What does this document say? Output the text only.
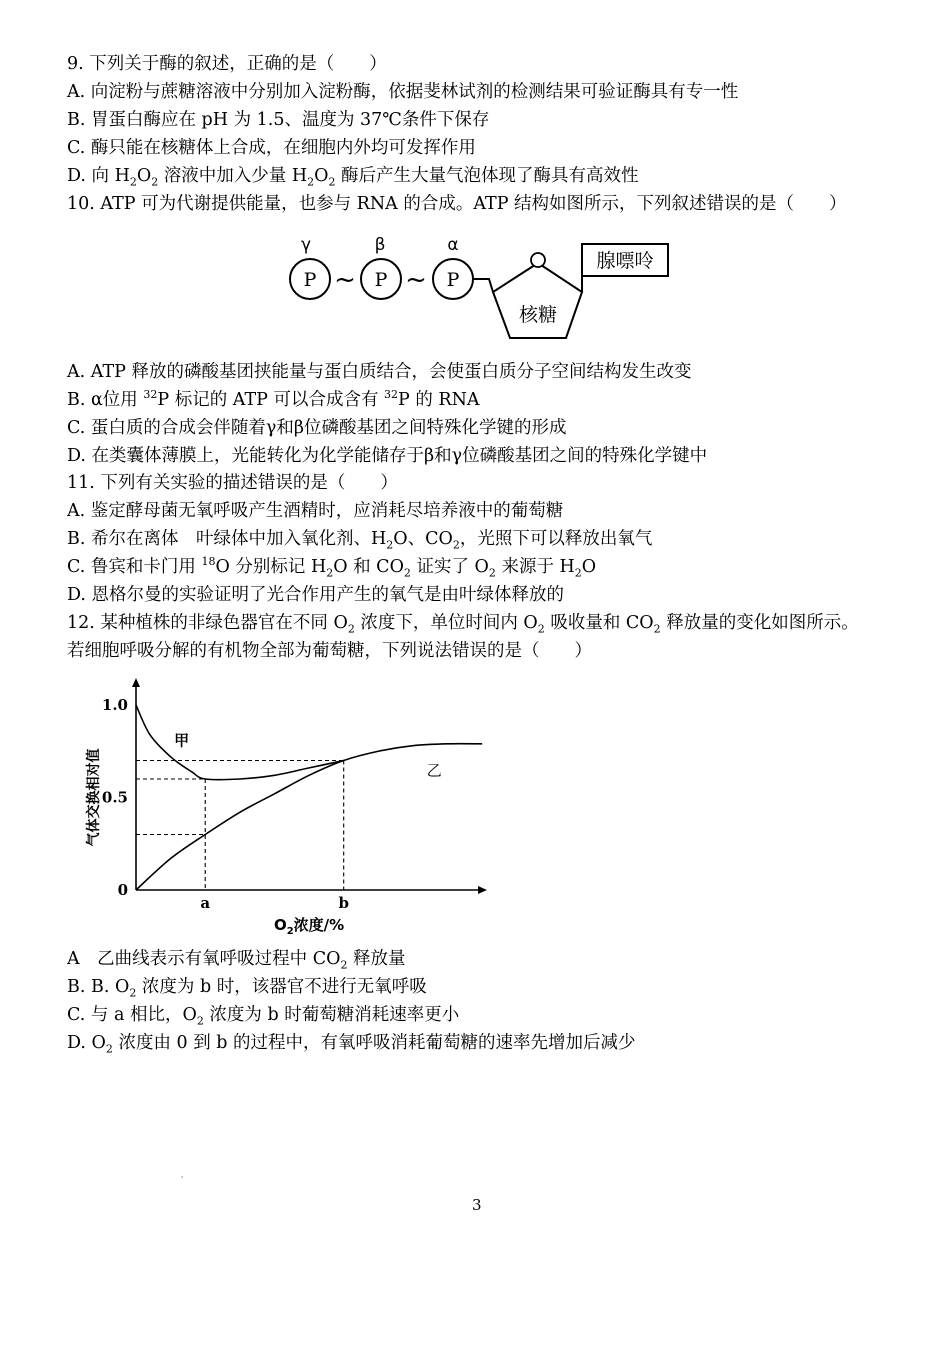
9. 下列关于酶的叙述，正确的是（　　）
A. 向淀粉与蔗糖溶液中分别加入淀粉酶，依据斐林试剂的检测结果可验证酶具有专一性
B. 胃蛋白酶应在 pH 为 1.5、温度为 37℃条件下保存
C. 酶只能在核糖体上合成，在细胞内外均可发挥作用
D. 向 $H_2O_2$ 溶液中加入少量 $H_2O_2$ 酶后产生大量气泡体现了酶具有高效性
10. ATP 可为代谢提供能量，也参与 RNA 的合成。ATP 结构如图所示，下列叙述错误的是（　　）
γ	β	α
P ~ P ~ P
核糖
腺嘌呤
A. ATP 释放的磷酸基团挟能量与蛋白质结合，会使蛋白质分子空间结构发生改变
B. α位用 $^{32}$P 标记的 ATP 可以合成含有 $^{32}$P 的 RNA
C. 蛋白质的合成会伴随着γ和β位磷酸基团之间特殊化学键的形成
D. 在类囊体薄膜上，光能转化为化学能储存于β和γ位磷酸基团之间的特殊化学键中
11. 下列有关实验的描述错误的是（　　）
A. 鉴定酵母菌无氧呼吸产生酒精时，应消耗尽培养液中的葡萄糖
B. 希尔在离体　叶绿体中加入氧化剂、$H_2O$、$CO_2$，光照下可以释放出氧气
C. 鲁宾和卡门用 $^{18}$O 分别标记 $H_2O$ 和 $CO_2$ 证实了 $O_2$ 来源于 $H_2O$
D. 恩格尔曼的实验证明了光合作用产生的氧气是由叶绿体释放的
12. 某种植株的非绿色器官在不同 $O_2$ 浓度下，单位时间内 $O_2$ 吸收量和 $CO_2$ 释放量的变化如图所示。
若细胞呼吸分解的有机物全部为葡萄糖，下列说法错误的是（　　）
0
0.5
1.0
a	b
甲
乙
$O_2$浓度/%
气体交换相对值
A　乙曲线表示有氧呼吸过程中 $CO_2$ 释放量
B. B. $O_2$ 浓度为 b 时，该器官不进行无氧呼吸
C. 与 a 相比，$O_2$ 浓度为 b 时葡萄糖消耗速率更小
D. $O_2$ 浓度由 0 到 b 的过程中，有氧呼吸消耗葡萄糖的速率先增加后减少
'
3
